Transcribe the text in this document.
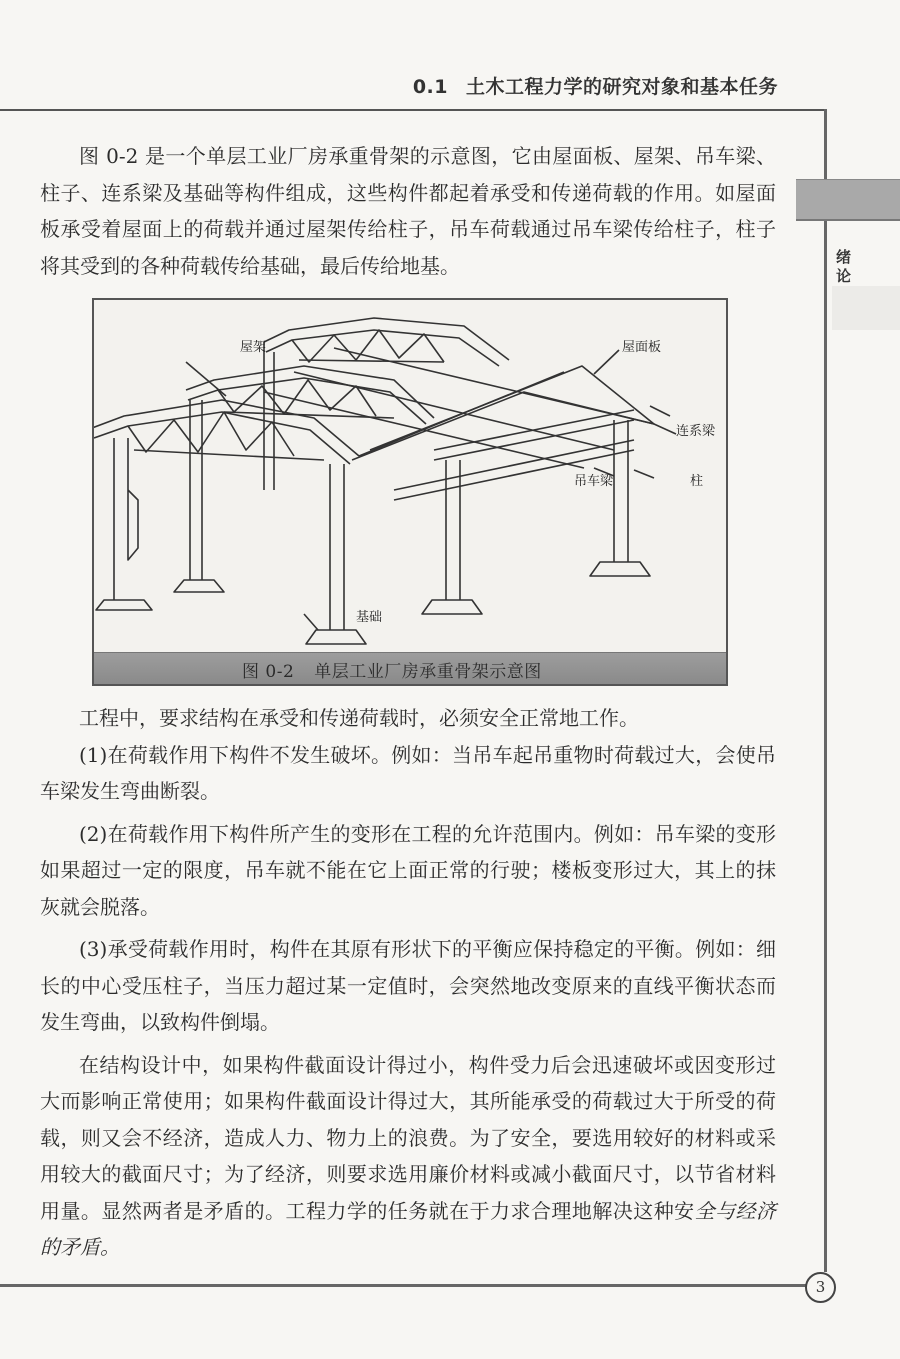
0.1 土木工程力学的研究对象和基本任务
绪论

图 0-2 是一个单层工业厂房承重骨架的示意图，它由屋面板、屋架、吊车梁、柱子、连系梁及基础等构件组成，这些构件都起着承受和传递荷载的作用。如屋面板承受着屋面上的荷载并通过屋架传给柱子，吊车荷载通过吊车梁传给柱子，柱子将其受到的各种荷载传给基础，最后传给地基。

屋架	屋面板
连系梁
吊车梁	柱
基础
图 0-2 单层工业厂房承重骨架示意图

工程中，要求结构在承受和传递荷载时，必须安全正常地工作。

(1)在荷载作用下构件不发生破坏。例如：当吊车起吊重物时荷载过大，会使吊车梁发生弯曲断裂。

(2)在荷载作用下构件所产生的变形在工程的允许范围内。例如：吊车梁的变形如果超过一定的限度，吊车就不能在它上面正常的行驶；楼板变形过大，其上的抹灰就会脱落。

(3)承受荷载作用时，构件在其原有形状下的平衡应保持稳定的平衡。例如：细长的中心受压柱子，当压力超过某一定值时，会突然地改变原来的直线平衡状态而发生弯曲，以致构件倒塌。

在结构设计中，如果构件截面设计得过小，构件受力后会迅速破坏或因变形过大而影响正常使用；如果构件截面设计得过大，其所能承受的荷载过大于所受的荷载，则又会不经济，造成人力、物力上的浪费。为了安全，要选用较好的材料或采用较大的截面尺寸；为了经济，则要求选用廉价材料或减小截面尺寸，以节省材料用量。显然两者是矛盾的。工程力学的任务就在于力求合理地解决这种安全与经济的矛盾。

3
